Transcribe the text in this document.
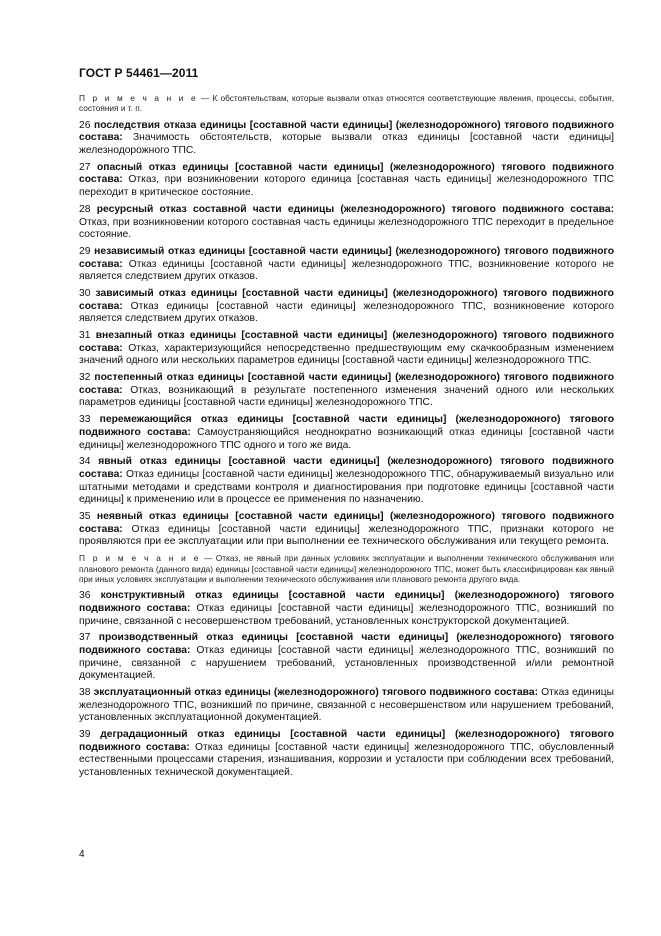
ГОСТ Р 54461—2011

П р и м е ч а н и е — К обстоятельствам, которые вызвали отказ относятся соответствующие явления, процессы, события, состояния и т. п.

26 последствия отказа единицы [составной части единицы] (железнодорожного) тягового подвижного состава: Значимость обстоятельств, которые вызвали отказ единицы [составной части единицы] железнодорожного ТПС.

27 опасный отказ единицы [составной части единицы] (железнодорожного) тягового подвижного состава: Отказ, при возникновении которого единица [составная часть единицы] железнодорожного ТПС переходит в критическое состояние.

28 ресурсный отказ составной части единицы (железнодорожного) тягового подвижного состава: Отказ, при возникновении которого составная часть единицы железнодорожного ТПС переходит в предельное состояние.

29 независимый отказ единицы [составной части единицы] (железнодорожного) тягового подвижного состава: Отказ единицы [составной части единицы] железнодорожного ТПС, возникновение которого не является следствием других отказов.

30 зависимый отказ единицы [составной части единицы] (железнодорожного) тягового подвижного состава: Отказ единицы [составной части единицы] железнодорожного ТПС, возникновение которого является следствием других отказов.

31 внезапный отказ единицы [составной части единицы] (железнодорожного) тягового подвижного состава: Отказ, характеризующийся непосредственно предшествующим ему скачкообразным изменением значений одного или нескольких параметров единицы [составной части единицы] железнодорожного ТПС.

32 постепенный отказ единицы [составной части единицы] (железнодорожного) тягового подвижного состава: Отказ, возникающий в результате постепенного изменения значений одного или нескольких параметров единицы [составной части единицы] железнодорожного ТПС.

33 перемежающийся отказ единицы [составной части единицы] (железнодорожного) тягового подвижного состава: Самоустраняющийся неоднократно возникающий отказ единицы [составной части единицы] железнодорожного ТПС одного и того же вида.

34 явный отказ единицы [составной части единицы] (железнодорожного) тягового подвижного состава: Отказ единицы [составной части единицы] железнодорожного ТПС, обнаруживаемый визуально или штатными методами и средствами контроля и диагностирования при подготовке единицы [составной части единицы] к применению или в процессе ее применения по назначению.

35 неявный отказ единицы [составной части единицы] (железнодорожного) тягового подвижного состава: Отказ единицы [составной части единицы] железнодорожного ТПС, признаки которого не проявляются при ее эксплуатации или при выполнении ее технического обслуживания или текущего ремонта.

П р и м е ч а н и е — Отказ, не явный при данных условиях эксплуатации и выполнении технического обслуживания или планового ремонта (данного вида) единицы [составной части единицы] железнодорожного ТПС, может быть классифицирован как явный при иных условиях эксплуатации и выполнении технического обслуживания или планового ремонта другого вида.

36 конструктивный отказ единицы [составной части единицы] (железнодорожного) тягового подвижного состава: Отказ единицы [составной части единицы] железнодорожного ТПС, возникший по причине, связанной с несовершенством требований, установленных конструкторской документацией.

37 производственный отказ единицы [составной части единицы] (железнодорожного) тягового подвижного состава: Отказ единицы [составной части единицы] железнодорожного ТПС, возникший по причине, связанной с нарушением требований, установленных производственной и/или ремонтной документацией.

38 эксплуатационный отказ единицы (железнодорожного) тягового подвижного состава: Отказ единицы железнодорожного ТПС, возникший по причине, связанной с несовершенством или нарушением требований, установленных эксплуатационной документацией.

39 деградационный отказ единицы [составной части единицы] (железнодорожного) тягового подвижного состава: Отказ единицы [составной части единицы] железнодорожного ТПС, обусловленный естественными процессами старения, изнашивания, коррозии и усталости при соблюдении всех требований, установленных технической документацией.

4
